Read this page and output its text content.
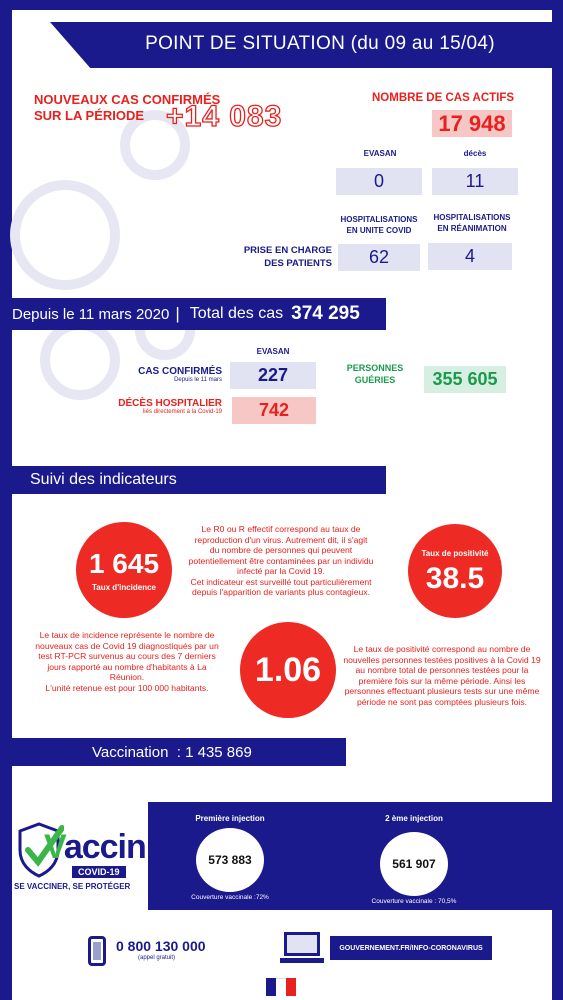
POINT DE SITUATION (du 09 au 15/04)
NOUVEAUX CAS CONFIRMÉS
SUR LA PÉRIODE +14 083
NOMBRE DE CAS ACTIFS
17 948
EVASAN	décès
0	11
HOSPITALISATIONS
EN UNITE COVID
HOSPITALISATIONS
EN RÉANIMATION
PRISE EN CHARGE
DES PATIENTS	62	4
Depuis le 11 mars 2020 | Total des cas 374 295
EVASAN
CAS CONFIRMÉS
Depuis le 11 mars	227
DÉCÈS HOSPITALIER
liés directement à la Covid-19	742
PERSONNES
GUÉRIES	355 605
Suivi des indicateurs
1 645
Taux d'incidence
Le R0 ou R effectif correspond au taux de
reproduction d'un virus. Autrement dit, il s'agit
du nombre de personnes qui peuvent
potentiellement être contaminées par un individu
infecté par la Covid 19.
Cet indicateur est surveillé tout particulièrement
depuis l'apparition de variants plus contagieux.
Taux de positivité
38.5
Le taux de incidence représente le nombre de
nouveaux cas de Covid 19 diagnostiqués par un
test RT-PCR survenus au cours des 7 derniers
jours rapporté au nombre d'habitants à La
Réunion.
L'unité retenue est pour 100 000 habitants.	1.06
Le taux de positivité correspond au nombre de
nouvelles personnes testées positives à la Covid 19
au nombre total de personnes testées pour la
première fois sur la même période. Ainsi les
personnes effectuant plusieurs tests sur une même
période ne sont pas comptées plusieurs fois.
Vaccination  : 1 435 869
Vaccin
COVID-19
SE VACCINER, SE PROTÉGER
Première injection
573 883
Couverture vaccinale :72%
2 ème injection
561 907
Couverture vaccinale : 70,5%
0 800 130 000
(appel gratuit)
GOUVERNEMENT.FR/INFO-CORONAVIRUS
